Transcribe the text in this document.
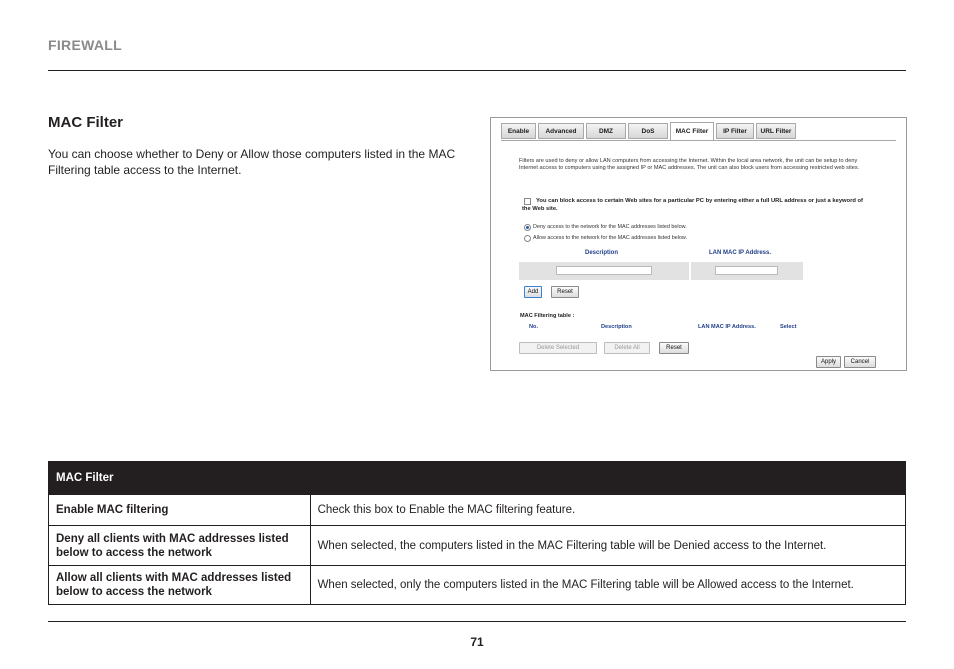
FIREWALL
MAC Filter
You can choose whether to Deny or Allow those computers listed in the MAC Filtering table access to the Internet.
Enable	Advanced	DMZ	DoS	MAC Filter	IP Filter	URL Filter
Filters are used to deny or allow LAN computers from accessing the Internet. Within the local area network, the unit can be setup to deny Internet access to computers using the assigned IP or MAC addresses. The unit can also block users from accessing restricted web sites.
You can block access to certain Web sites for a particular PC by entering either a full URL address or just a keyword of the Web site.
Deny access to the network for the MAC addresses listed below.
Allow access to the network for the MAC addresses listed below.
Description	LAN MAC IP Address.
Add	Reset
MAC Filtering table :
No.	Description	LAN MAC IP Address.	Select
Delete Selected	Delete All	Reset
Apply	Cancel
MAC Filter	
Enable MAC filtering	Check this box to Enable the MAC filtering feature.
Deny all clients with MAC addresses listed below to access the network	When selected, the computers listed in the MAC Filtering table will be Denied access to the Internet.
Allow all clients with MAC addresses listed below to access the network	When selected, only the computers listed in the MAC Filtering table will be Allowed access to the Internet.
71
